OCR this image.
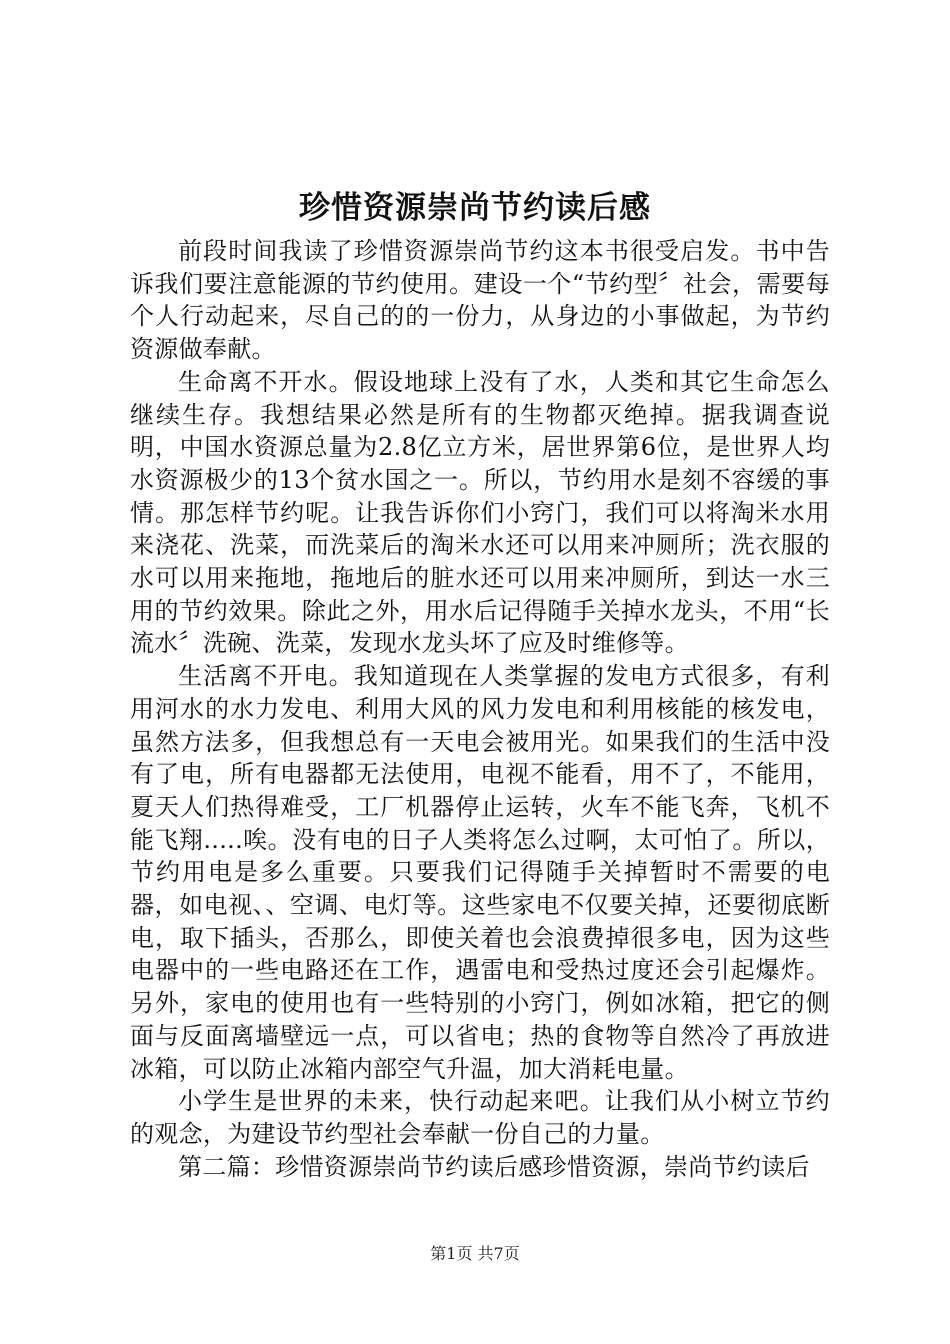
珍惜资源崇尚节约读后感

前段时间我读了珍惜资源崇尚节约这本书很受启发。书中告诉我们要注意能源的节约使用。建设一个“节约型〞社会，需要每个人行动起来，尽自己的的一份力，从身边的小事做起，为节约资源做奉献。

生命离不开水。假设地球上没有了水，人类和其它生命怎么继续生存。我想结果必然是所有的生物都灭绝掉。据我调查说明，中国水资源总量为2.8亿立方米，居世界第6位，是世界人均水资源极少的13个贫水国之一。所以，节约用水是刻不容缓的事情。那怎样节约呢。让我告诉你们小窍门，我们可以将淘米水用来浇花、洗菜，而洗菜后的淘米水还可以用来冲厕所；洗衣服的水可以用来拖地，拖地后的脏水还可以用来冲厕所，到达一水三用的节约效果。除此之外，用水后记得随手关掉水龙头，不用“长流水〞洗碗、洗菜，发现水龙头坏了应及时维修等。

生活离不开电。我知道现在人类掌握的发电方式很多，有利用河水的水力发电、利用大风的风力发电和利用核能的核发电，虽然方法多，但我想总有一天电会被用光。如果我们的生活中没有了电，所有电器都无法使用，电视不能看，用不了，不能用，夏天人们热得难受，工厂机器停止运转，火车不能飞奔，飞机不能飞翔.....唉。没有电的日子人类将怎么过啊，太可怕了。所以，节约用电是多么重要。只要我们记得随手关掉暂时不需要的电器，如电视、、空调、电灯等。这些家电不仅要关掉，还要彻底断电，取下插头，否那么，即使关着也会浪费掉很多电，因为这些电器中的一些电路还在工作，遇雷电和受热过度还会引起爆炸。另外，家电的使用也有一些特别的小窍门，例如冰箱，把它的侧面与反面离墙壁远一点，可以省电；热的食物等自然冷了再放进冰箱，可以防止冰箱内部空气升温，加大消耗电量。

小学生是世界的未来，快行动起来吧。让我们从小树立节约的观念，为建设节约型社会奉献一份自己的力量。

第二篇：珍惜资源崇尚节约读后感珍惜资源，崇尚节约读后

第1页 共7页
